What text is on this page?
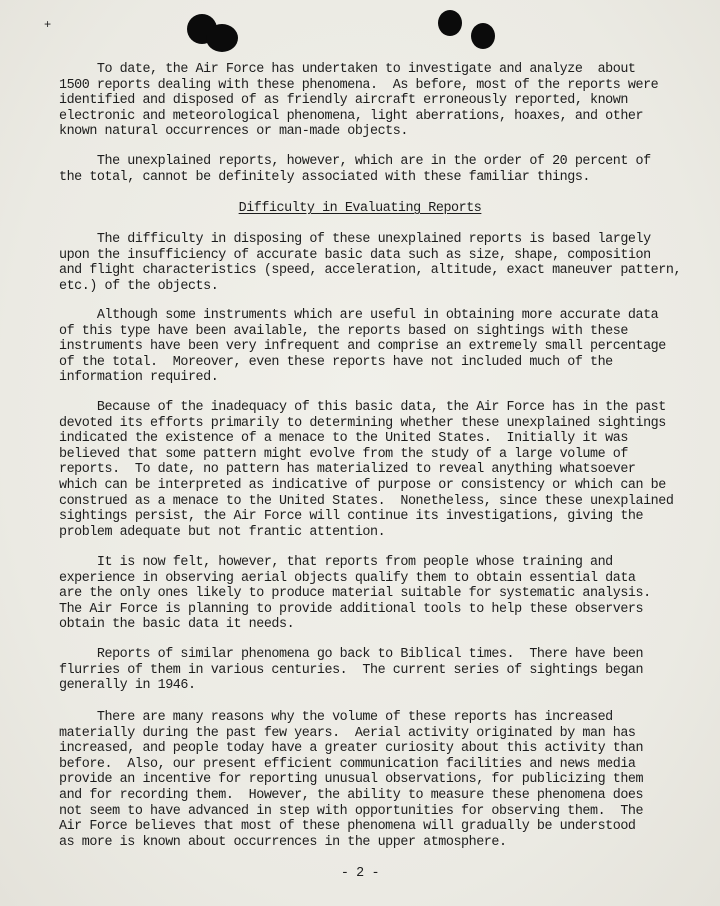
+

To date, the Air Force has undertaken to investigate and analyze  about
1500 reports dealing with these phenomena.  As before, most of the reports were
identified and disposed of as friendly aircraft erroneously reported, known
electronic and meteorological phenomena, light aberrations, hoaxes, and other
known natural occurrences or man-made objects.

The unexplained reports, however, which are in the order of 20 percent of
the total, cannot be definitely associated with these familiar things.

Difficulty in Evaluating Reports

The difficulty in disposing of these unexplained reports is based largely
upon the insufficiency of accurate basic data such as size, shape, composition
and flight characteristics (speed, acceleration, altitude, exact maneuver pattern,
etc.) of the objects.

Although some instruments which are useful in obtaining more accurate data
of this type have been available, the reports based on sightings with these
instruments have been very infrequent and comprise an extremely small percentage
of the total.  Moreover, even these reports have not included much of the
information required.

Because of the inadequacy of this basic data, the Air Force has in the past
devoted its efforts primarily to determining whether these unexplained sightings
indicated the existence of a menace to the United States.  Initially it was
believed that some pattern might evolve from the study of a large volume of
reports.  To date, no pattern has materialized to reveal anything whatsoever
which can be interpreted as indicative of purpose or consistency or which can be
construed as a menace to the United States.  Nonetheless, since these unexplained
sightings persist, the Air Force will continue its investigations, giving the
problem adequate but not frantic attention.

It is now felt, however, that reports from people whose training and
experience in observing aerial objects qualify them to obtain essential data
are the only ones likely to produce material suitable for systematic analysis.
The Air Force is planning to provide additional tools to help these observers
obtain the basic data it needs.

Reports of similar phenomena go back to Biblical times.  There have been
flurries of them in various centuries.  The current series of sightings began
generally in 1946.

There are many reasons why the volume of these reports has increased
materially during the past few years.  Aerial activity originated by man has
increased, and people today have a greater curiosity about this activity than
before.  Also, our present efficient communication facilities and news media
provide an incentive for reporting unusual observations, for publicizing them
and for recording them.  However, the ability to measure these phenomena does
not seem to have advanced in step with opportunities for observing them.  The
Air Force believes that most of these phenomena will gradually be understood
as more is known about occurrences in the upper atmosphere.

- 2 -
